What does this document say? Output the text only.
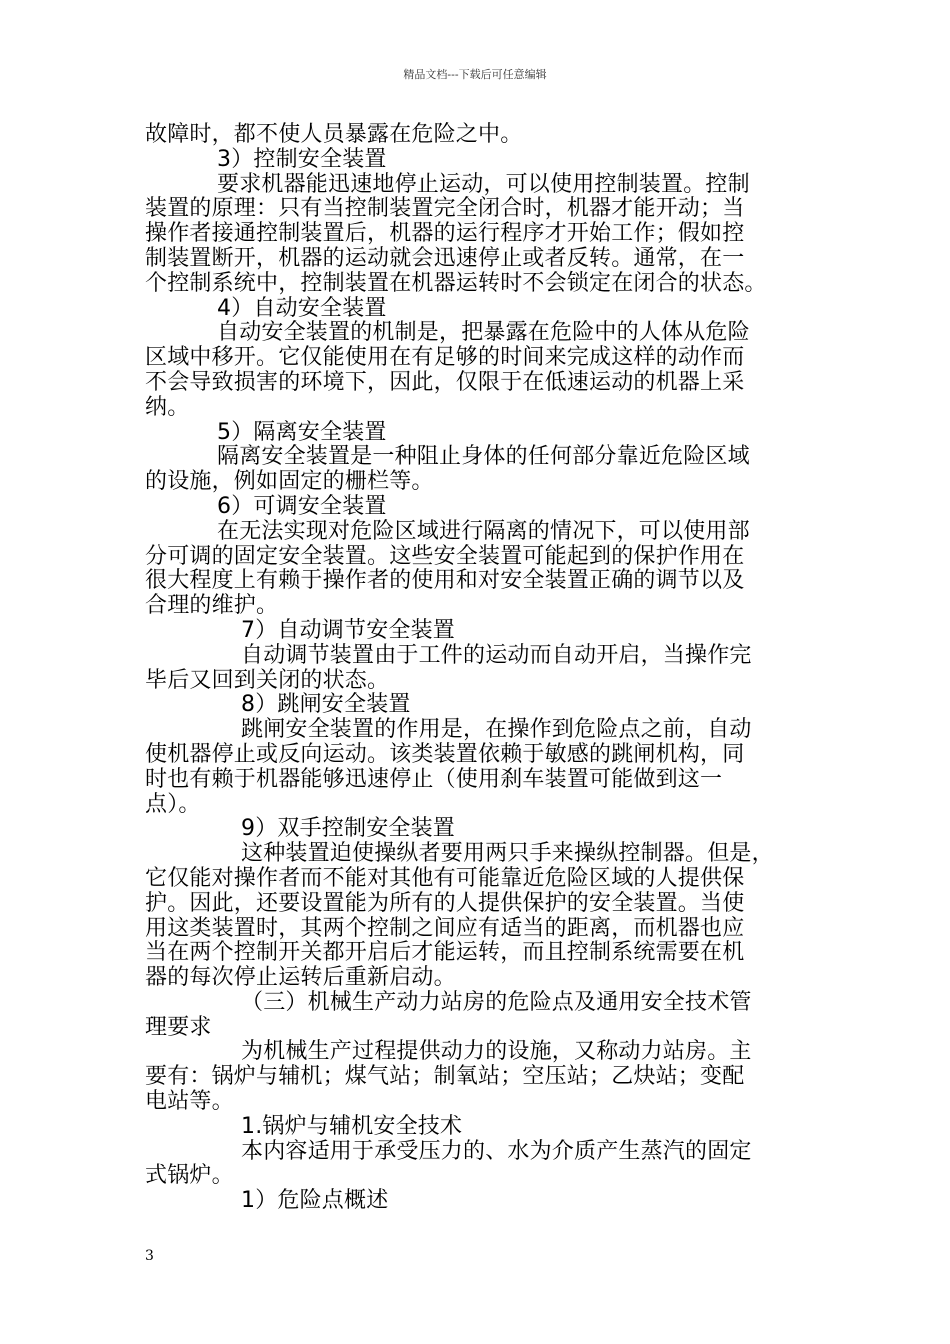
精品文档---下载后可任意编辑
故障时，都不使人员暴露在危险之中。
3）控制安全装置
要求机器能迅速地停止运动，可以使用控制装置。控制
装置的原理：只有当控制装置完全闭合时，机器才能开动；当
操作者接通控制装置后，机器的运行程序才开始工作；假如控
制装置断开，机器的运动就会迅速停止或者反转。通常，在一
个控制系统中，控制装置在机器运转时不会锁定在闭合的状态。
4）自动安全装置
自动安全装置的机制是，把暴露在危险中的人体从危险
区域中移开。它仅能使用在有足够的时间来完成这样的动作而
不会导致损害的环境下，因此，仅限于在低速运动的机器上采
纳。
5）隔离安全装置
隔离安全装置是一种阻止身体的任何部分靠近危险区域
的设施，例如固定的栅栏等。
6）可调安全装置
在无法实现对危险区域进行隔离的情况下，可以使用部
分可调的固定安全装置。这些安全装置可能起到的保护作用在
很大程度上有赖于操作者的使用和对安全装置正确的调节以及
合理的维护。
7）自动调节安全装置
自动调节装置由于工件的运动而自动开启，当操作完
毕后又回到关闭的状态。
8）跳闸安全装置
跳闸安全装置的作用是，在操作到危险点之前，自动
使机器停止或反向运动。该类装置依赖于敏感的跳闸机构，同
时也有赖于机器能够迅速停止（使用刹车装置可能做到这一
点）。
9）双手控制安全装置
这种装置迫使操纵者要用两只手来操纵控制器。但是，
它仅能对操作者而不能对其他有可能靠近危险区域的人提供保
护。因此，还要设置能为所有的人提供保护的安全装置。当使
用这类装置时，其两个控制之间应有适当的距离，而机器也应
当在两个控制开关都开启后才能运转，而且控制系统需要在机
器的每次停止运转后重新启动。
（三）机械生产动力站房的危险点及通用安全技术管
理要求
为机械生产过程提供动力的设施，又称动力站房。主
要有：锅炉与辅机；煤气站；制氧站；空压站；乙炔站；变配
电站等。
1.锅炉与辅机安全技术
本内容适用于承受压力的、水为介质产生蒸汽的固定
式锅炉。
1）危险点概述
3
